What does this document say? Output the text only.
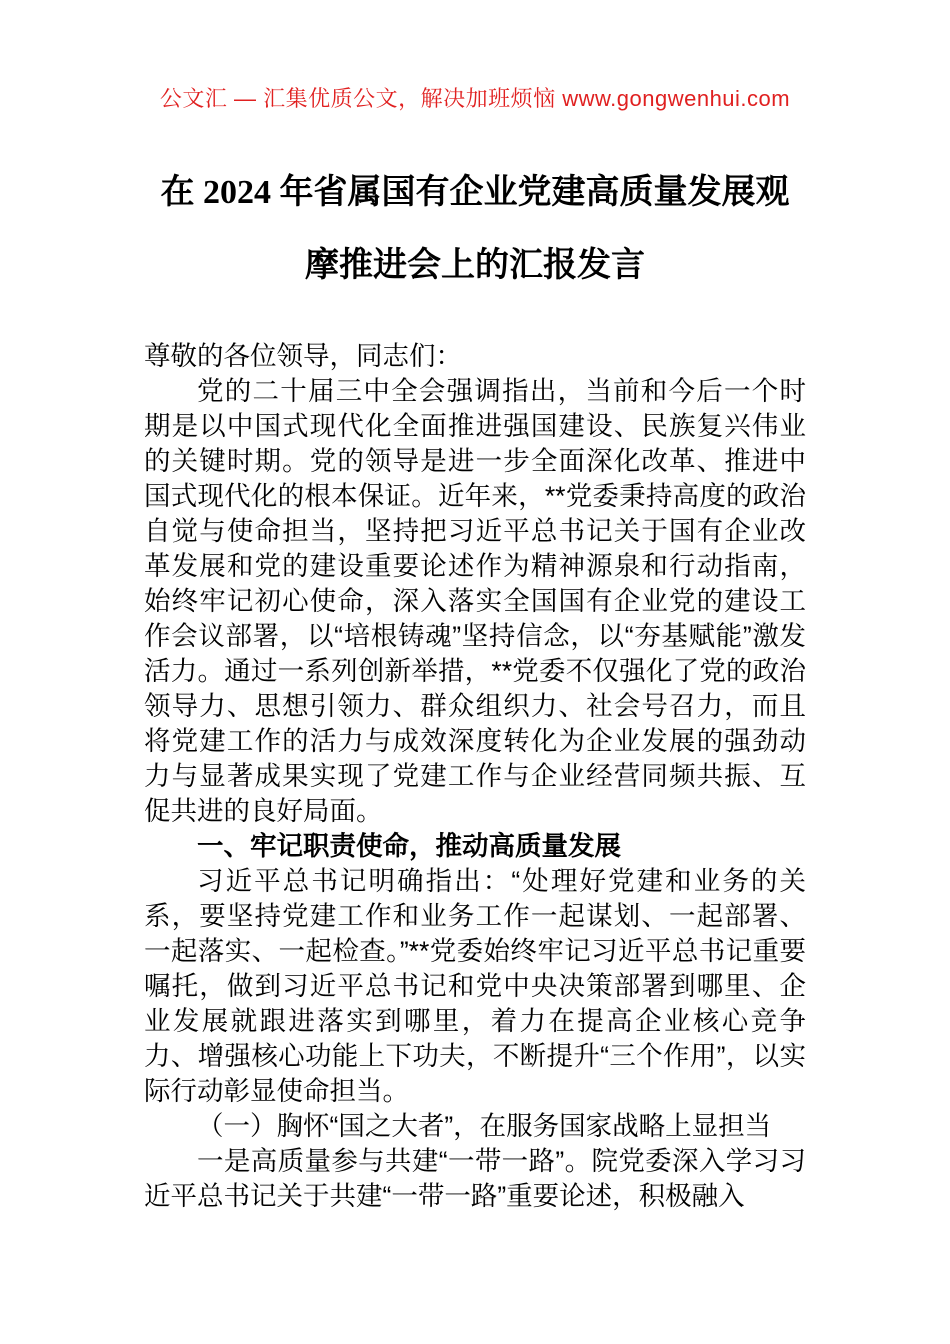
公文汇 — 汇集优质公文，解决加班烦恼 www.gongwenhui.com
在 2024 年省属国有企业党建高质量发展观
摩推进会上的汇报发言

尊敬的各位领导，同志们：

党的二十届三中全会强调指出，当前和今后一个时期是以中国式现代化全面推进强国建设、民族复兴伟业的关键时期。党的领导是进一步全面深化改革、推进中国式现代化的根本保证。近年来，**党委秉持高度的政治自觉与使命担当，坚持把习近平总书记关于国有企业改革发展和党的建设重要论述作为精神源泉和行动指南，始终牢记初心使命，深入落实全国国有企业党的建设工作会议部署，以“培根铸魂”坚持信念，以“夯基赋能”激发活力。通过一系列创新举措，**党委不仅强化了党的政治领导力、思想引领力、群众组织力、社会号召力，而且将党建工作的活力与成效深度转化为企业发展的强劲动力与显著成果实现了党建工作与企业经营同频共振、互促共进的良好局面。

一、牢记职责使命，推动高质量发展

习近平总书记明确指出：“处理好党建和业务的关系，要坚持党建工作和业务工作一起谋划、一起部署、一起落实、一起检查。”**党委始终牢记习近平总书记重要嘱托，做到习近平总书记和党中央决策部署到哪里、企业发展就跟进落实到哪里，着力在提高企业核心竞争力、增强核心功能上下功夫，不断提升“三个作用”，以实际行动彰显使命担当。

（一）胸怀“国之大者”，在服务国家战略上显担当

一是高质量参与共建“一带一路”。院党委深入学习习近平总书记关于共建“一带一路”重要论述，积极融入
